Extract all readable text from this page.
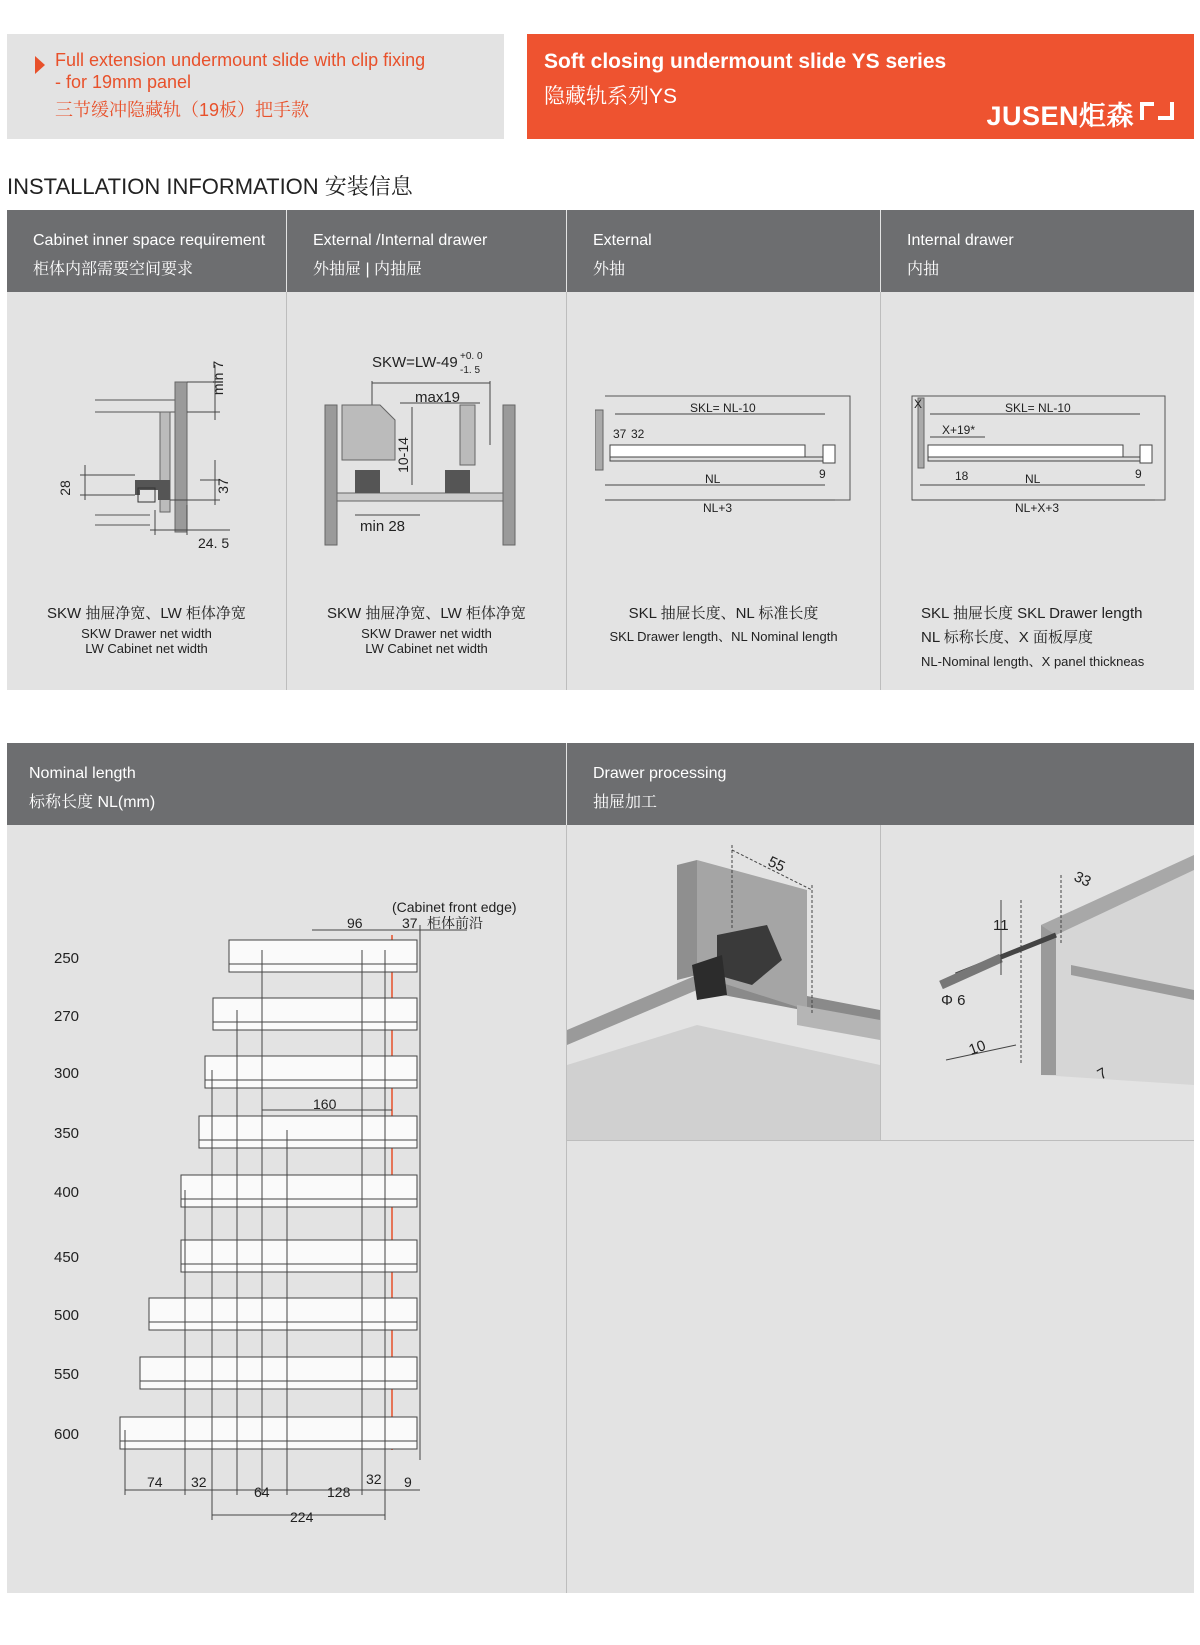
Full extension undermount slide with clip fixing
- for 19mm panel
三节缓冲隐藏轨（19板）把手款
Soft closing undermount slide YS series
隐藏轨系列YS
JUSEN炬森
INSTALLATION INFORMATION 安装信息
Cabinet inner space requirement
柜体内部需要空间要求
External /Internal drawer
外抽屉 | 内抽屉
External
外抽
Internal drawer
内抽
min 7
37
28
24. 5
SKW=LW-49 +0. 0
-1. 5
max19
10-14
min 28
SKL= NL-10
37 32
NL	9
NL+3
X	SKL= NL-10
X+19*
18	NL	9
NL+X+3
SKW 抽屉净宽、LW 柜体净宽
SKW Drawer net width
LW Cabinet net width
SKW 抽屉净宽、LW 柜体净宽
SKW Drawer net width
LW Cabinet net width
SKL 抽屉长度、NL 标准长度
SKL Drawer length、NL Nominal length
SKL 抽屉长度 SKL Drawer length
NL 标称长度、X 面板厚度
NL-Nominal length、X panel thickneas
Nominal length
标称长度 NL(mm)
Drawer processing
抽屉加工
(Cabinet front edge)
柜体前沿
96	37
250
270
300
160
350
400
450
500
550
600
74 32
64	128
32 9
224
55
11
33
Φ 6
10
7
